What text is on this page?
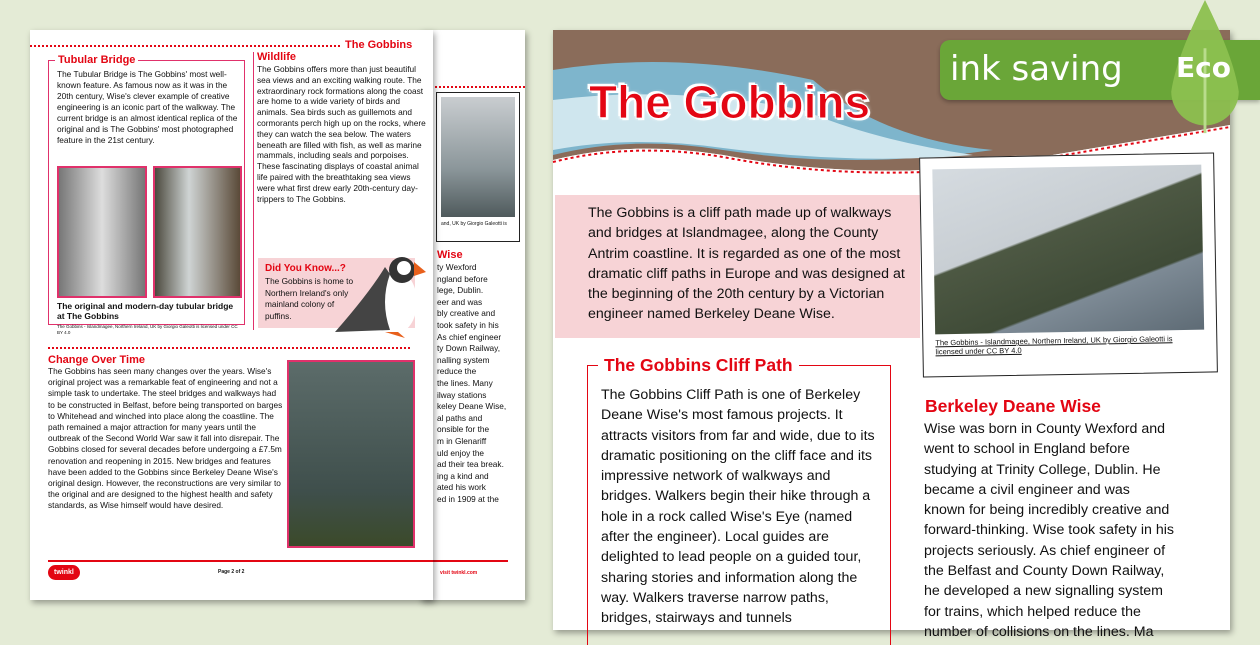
and, UK by Giorgio Galeotti is
Wise
ty Wexford
ngland before
lege, Dublin.
eer and was
bly creative and
took safety in his
As chief engineer
ty Down Railway,
nalling system
reduce the
the lines. Many
ilway stations
keley Deane Wise,
al paths and
onsible for the
m in Glenariff
uld enjoy the
ad their tea break.
ing a kind and
ated his work
ed in 1909 at the
visit twinkl.com
The Gobbins
Tubular Bridge
The Tubular Bridge is The Gobbins' most well-known feature. As famous now as it was in the 20th century, Wise's clever example of creative engineering is an iconic part of the walkway. The current bridge is an almost identical replica of the original and is The Gobbins' most photographed feature in the 21st century.
The original and modern-day tubular bridge at The Gobbins
The Gobbins - Islandmagee, Northern Ireland, UK by Giorgio Galeotti is licensed under CC BY 4.0
Wildlife
The Gobbins offers more than just beautiful sea views and an exciting walking route. The extraordinary rock formations along the coast are home to a wide variety of birds and animals. Sea birds such as guillemots and cormorants perch high up on the rocks, where they can watch the sea below. The waters beneath are filled with fish, as well as marine mammals, including seals and porpoises. These fascinating displays of coastal animal life paired with the breathtaking sea views were what first drew early 20th-century day-trippers to The Gobbins.
Did You Know...?
The Gobbins is home to Northern Ireland's only mainland colony of puffins.
Change Over Time
The Gobbins has seen many changes over the years. Wise's original project was a remarkable feat of engineering and not a simple task to undertake. The steel bridges and walkways had to be constructed in Belfast, before being transported on barges to Whitehead and winched into place along the coastline. The path remained a major attraction for many years until the outbreak of the Second World War saw it fall into disrepair. The Gobbins closed for several decades before undergoing a £7.5m renovation and reopening in 2015. New bridges and features have been added to the Gobbins since Berkeley Deane Wise's original design. However, the reconstructions are very similar to the original and are designed to the highest health and safety standards, as Wise himself would have desired.
twinkl	Page 2 of 2
The Gobbins
The Gobbins is a cliff path made up of walkways and bridges at Islandmagee, along the County Antrim coastline. It is regarded as one of the most dramatic cliff paths in Europe and was designed at the beginning of the 20th century by a Victorian engineer named Berkeley Deane Wise.
The Gobbins - Islandmagee, Northern Ireland, UK by Giorgio Galeotti is licensed under CC BY 4.0
The Gobbins Cliff Path
The Gobbins Cliff Path is one of Berkeley Deane Wise's most famous projects. It attracts visitors from far and wide, due to its dramatic positioning on the cliff face and its impressive network of walkways and bridges. Walkers begin their hike through a hole in a rock called Wise's Eye (named after the engineer). Local guides are delighted to lead people on a guided tour, sharing stories and information along the way. Walkers traverse narrow paths, bridges, stairways and tunnels
Berkeley Deane Wise
Wise was born in County Wexford and went to school in England before studying at Trinity College, Dublin. He became a civil engineer and was known for being incredibly creative and forward-thinking. Wise took safety in his projects seriously. As chief engineer of the Belfast and County Down Railway, he developed a new signalling system for trains, which helped reduce the number of collisions on the lines. Ma
ink saving Eco
